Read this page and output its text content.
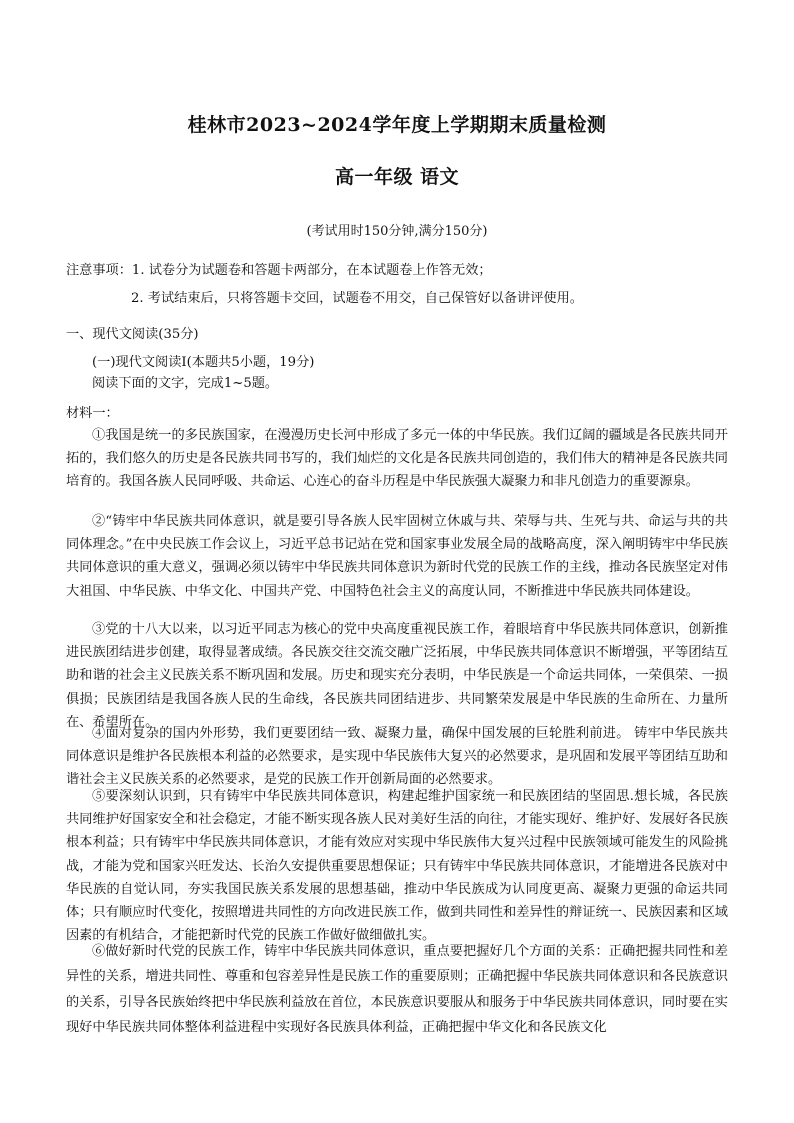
桂林市2023~2024学年度上学期期末质量检测
高一年级 语文
(考试用时150分钟,满分150分)
注意事项：1. 试卷分为试题卷和答题卡两部分，在本试题卷上作答无效；
2. 考试结束后，只将答题卡交回，试题卷不用交，自己保管好以备讲评使用。
一、现代文阅读(35分)
(一)现代文阅读Ⅰ(本题共5小题，19分)
阅读下面的文字，完成1~5题。
材料一：
①我国是统一的多民族国家，在漫漫历史长河中形成了多元一体的中华民族。我们辽阔的疆域是各民族共同开拓的，我们悠久的历史是各民族共同书写的，我们灿烂的文化是各民族共同创造的，我们伟大的精神是各民族共同培育的。我国各族人民同呼吸、共命运、心连心的奋斗历程是中华民族强大凝聚力和非凡创造力的重要源泉。
②“铸牢中华民族共同体意识，就是要引导各族人民牢固树立休戚与共、荣辱与共、生死与共、命运与共的共同体理念。”在中央民族工作会议上，习近平总书记站在党和国家事业发展全局的战略高度，深入阐明铸牢中华民族共同体意识的重大意义，强调必须以铸牢中华民族共同体意识为新时代党的民族工作的主线，推动各民族坚定对伟大祖国、中华民族、中华文化、中国共产党、中国特色社会主义的高度认同，不断推进中华民族共同体建设。
③党的十八大以来，以习近平同志为核心的党中央高度重视民族工作，着眼培育中华民族共同体意识，创新推进民族团结进步创建，取得显著成绩。各民族交往交流交融广泛拓展，中华民族共同体意识不断增强，平等团结互助和谐的社会主义民族关系不断巩固和发展。历史和现实充分表明，中华民族是一个命运共同体，一荣俱荣、一损俱损；民族团结是我国各族人民的生命线，各民族共同团结进步、共同繁荣发展是中华民族的生命所在、力量所在、希望所在。
④面对复杂的国内外形势，我们更要团结一致、凝聚力量，确保中国发展的巨轮胜利前进。 铸牢中华民族共同体意识是维护各民族根本利益的必然要求，是实现中华民族伟大复兴的必然要求，是巩固和发展平等团结互助和谐社会主义民族关系的必然要求，是党的民族工作开创新局面的必然要求。
⑤要深刻认识到，只有铸牢中华民族共同体意识，构建起维护国家统一和民族团结的坚固思.想长城，各民族共同维护好国家安全和社会稳定，才能不断实现各族人民对美好生活的向往，才能实现好、维护好、发展好各民族根本利益；只有铸牢中华民族共同体意识，才能有效应对实现中华民族伟大复兴过程中民族领域可能发生的风险挑战，才能为党和国家兴旺发达、长治久安提供重要思想保证；只有铸牢中华民族共同体意识，才能增进各民族对中华民族的自觉认同，夯实我国民族关系发展的思想基础，推动中华民族成为认同度更高、凝聚力更强的命运共同体；只有顺应时代变化，按照增进共同性的方向改进民族工作，做到共同性和差异性的辩证统一、民族因素和区域因素的有机结合，才能把新时代党的民族工作做好做细做扎实。
⑥做好新时代党的民族工作，铸牢中华民族共同体意识，重点要把握好几个方面的关系：正确把握共同性和差异性的关系，增进共同性、尊重和包容差异性是民族工作的重要原则；正确把握中华民族共同体意识和各民族意识的关系，引导各民族始终把中华民族利益放在首位，本民族意识要服从和服务于中华民族共同体意识，同时要在实现好中华民族共同体整体利益进程中实现好各民族具体利益，正确把握中华文化和各民族文化
